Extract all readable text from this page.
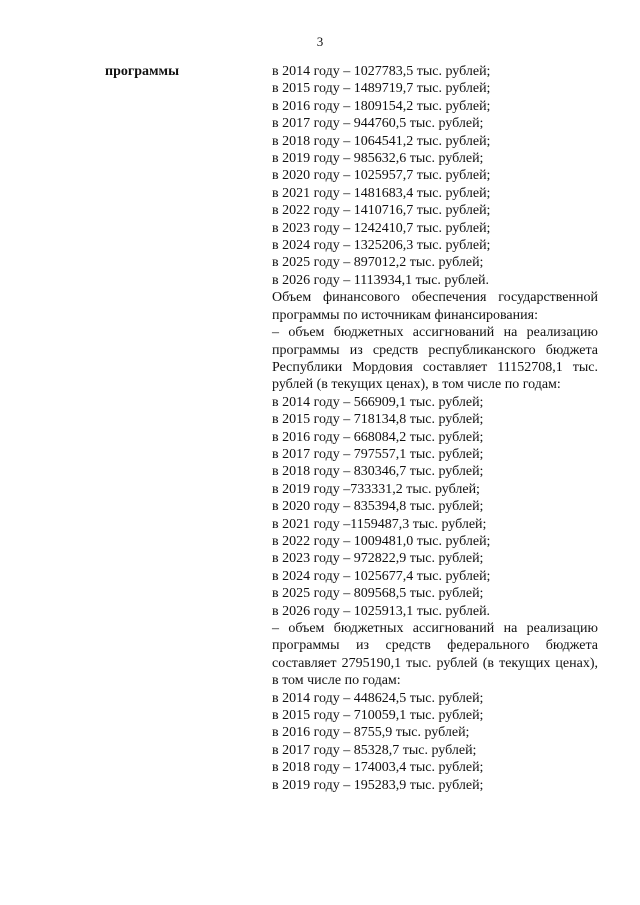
3
программы	в 2014 году – 1027783,5 тыс. рублей;
в 2015 году – 1489719,7 тыс. рублей;
в 2016 году – 1809154,2 тыс. рублей;
в 2017 году – 944760,5 тыс. рублей;
в 2018 году – 1064541,2 тыс. рублей;
в 2019 году – 985632,6 тыс. рублей;
в 2020 году – 1025957,7 тыс. рублей;
в 2021 году – 1481683,4 тыс. рублей;
в 2022 году – 1410716,7 тыс. рублей;
в 2023 году – 1242410,7 тыс. рублей;
в 2024 году – 1325206,3 тыс. рублей;
в 2025 году – 897012,2 тыс. рублей;
в 2026 году – 1113934,1 тыс. рублей.
Объем финансового обеспечения государственной программы по источникам финансирования:
– объем бюджетных ассигнований на реализацию программы из средств республиканского бюджета Республики Мордовия составляет 11152708,1 тыс. рублей (в текущих ценах), в том числе по годам:
в 2014 году – 566909,1 тыс. рублей;
в 2015 году – 718134,8 тыс. рублей;
в 2016 году – 668084,2 тыс. рублей;
в 2017 году – 797557,1 тыс. рублей;
в 2018 году – 830346,7 тыс. рублей;
в 2019 году –733331,2 тыс. рублей;
в 2020 году – 835394,8 тыс. рублей;
в 2021 году –1159487,3 тыс. рублей;
в 2022 году – 1009481,0 тыс. рублей;
в 2023 году – 972822,9 тыс. рублей;
в 2024 году – 1025677,4 тыс. рублей;
в 2025 году – 809568,5 тыс. рублей;
в 2026 году – 1025913,1 тыс. рублей.
– объем бюджетных ассигнований на реализацию программы из средств федерального бюджета составляет 2795190,1 тыс. рублей (в текущих ценах), в том числе по годам:
в 2014 году – 448624,5 тыс. рублей;
в 2015 году – 710059,1 тыс. рублей;
в 2016 году – 8755,9 тыс. рублей;
в 2017 году – 85328,7 тыс. рублей;
в 2018 году – 174003,4 тыс. рублей;
в 2019 году – 195283,9 тыс. рублей;
